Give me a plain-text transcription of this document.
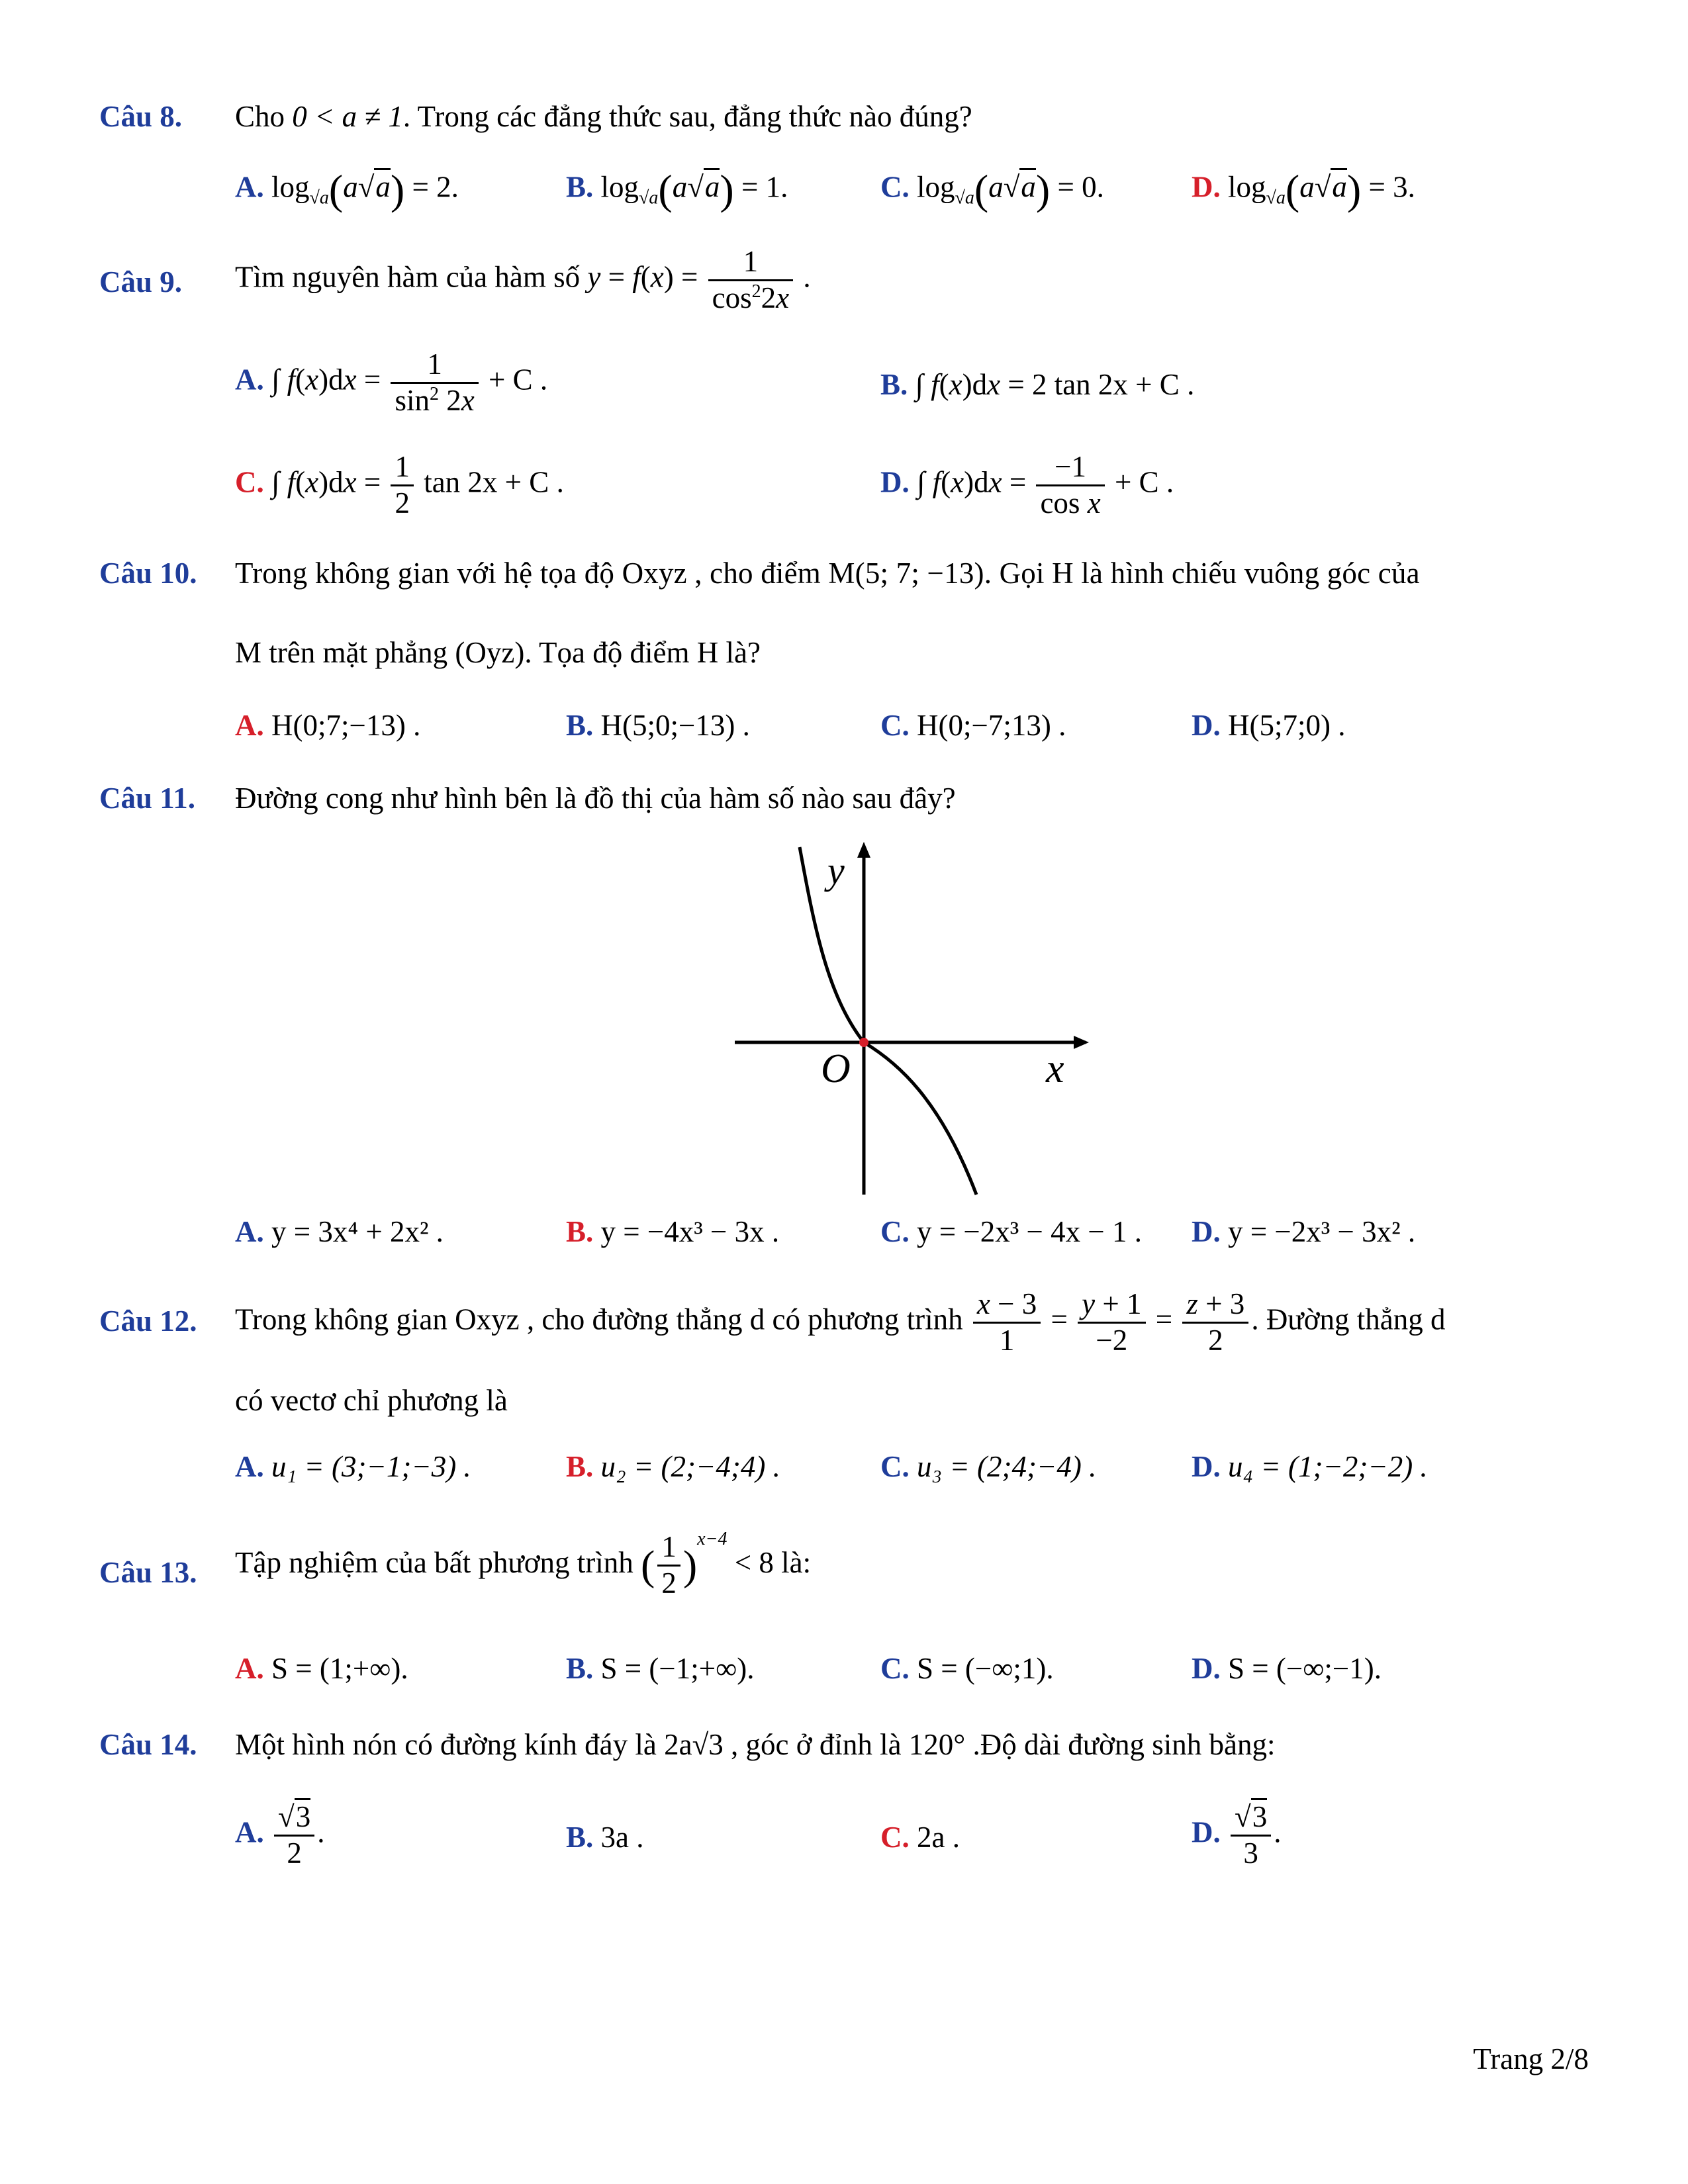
Câu 8. Cho 0 < a ≠ 1. Trong các đẳng thức sau, đẳng thức nào đúng?
A. $\log_{√a}(a√a) = 2$.	B. $\log_{√a}(a√a) = 1$.	C. $\log_{√a}(a√a) = 0$.	D. $\log_{√a}(a√a) = 3$.
Câu 9. Tìm nguyên hàm của hàm số $y = f(x) = \frac{1}{\cos^22x}$ .
A. ∫ $f(x)dx = \frac{1}{\sin^2 2x} + C$ .	B. ∫ f(x)dx = 2 tan 2x + C .
C. ∫ $f(x)dx = \frac{1}{2}$ tan 2x + C .	D. ∫ $f(x)dx = \frac{-1}{\text{cos x}} + C$ .
Câu 10. Trong không gian với hệ tọa độ Oxyz , cho điểm M(5; 7; −13). Gọi H là hình chiếu vuông góc của
M trên mặt phẳng (Oyz). Tọa độ điểm H là?
A. H(0;7;−13) .	B. H(5;0;−13) .	C. H(0;−7;13) .	D. H(5;7;0) .
Câu 11. Đường cong như hình bên là đồ thị của hàm số nào sau đây?
y
O	x
A. y = 3x⁴ + 2x² .	B. y = −4x³ − 3x .	C. y = −2x³ − 4x − 1 . D. y = −2x³ − 3x² .
Câu 12. Trong không gian Oxyz , cho đường thẳng d có phương trình $\frac{x - 3}{1} = \frac{y + 1}{-2} = \frac{z + 3}{2}$ . Đường thẳng d
có vectơ chỉ phương là
A. u₁ = (3;−1;−3) .	B. u₂ = (2;−4;4) .	C. u₃ = (2;4;−4) .	D. u₄ = (1;−2;−2) .
Câu 13. Tập nghiệm của bất phương trình ( $\frac{1}{2} )^{x-4} < 8$ là:
A. S = (1;+∞).	B. S = (−1;+∞).	C. S = (−∞;1).	D. S = (−∞;−1).
Câu 14. Một hình nón có đường kính đáy là 2a√3 , góc ở đỉnh là 120° .Độ dài đường sinh bằng:
A. $\frac{√3}{2}$ .	B. 3a .	C. 2a .	D. $\frac{√3}{3}$ .
Trang 2/8
